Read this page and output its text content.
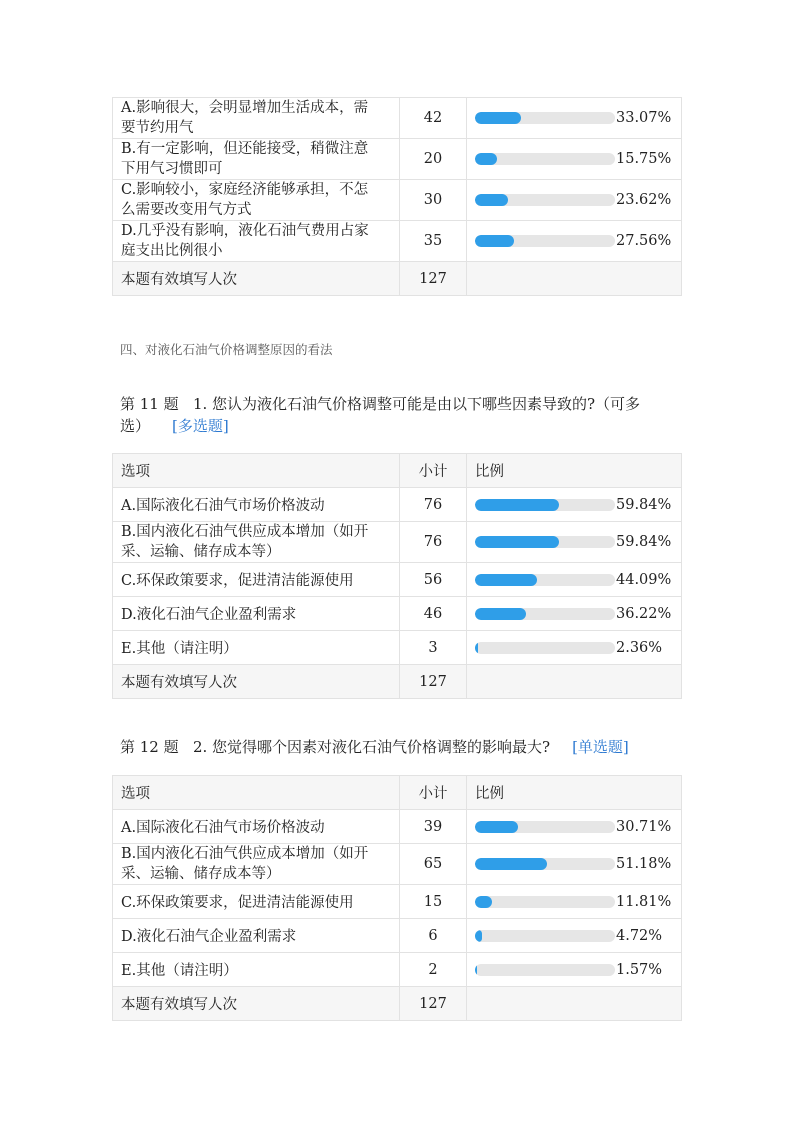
A.影响很大，会明显增加生活成本，需
要节约用气	42	33.07%

B.有一定影响，但还能接受，稍微注意
下用气习惯即可	20	15.75%

C.影响较小，家庭经济能够承担，不怎
么需要改变用气方式	30	23.62%

D.几乎没有影响，液化石油气费用占家
庭支出比例很小	35	27.56%

本题有效填写人次	127	
四、对液化石油气价格调整原因的看法
第 11 题 1. 您认为液化石油气价格调整可能是由以下哪些因素导致的?（可多
选） [多选题]
选项	小计	比例
A.国际液化石油气市场价格波动	76	59.84%

B.国内液化石油气供应成本增加（如开
采、运输、储存成本等）	76	59.84%

C.环保政策要求，促进清洁能源使用	56	44.09%

D.液化石油气企业盈利需求	46	36.22%

E.其他（请注明）	3	2.36%

本题有效填写人次	127	
第 12 题 2. 您觉得哪个因素对液化石油气价格调整的影响最大? [单选题]
选项	小计	比例
A.国际液化石油气市场价格波动	39	30.71%

B.国内液化石油气供应成本增加（如开
采、运输、储存成本等）	65	51.18%

C.环保政策要求，促进清洁能源使用	15	11.81%

D.液化石油气企业盈利需求	6	4.72%

E.其他（请注明）	2	1.57%

本题有效填写人次	127	
